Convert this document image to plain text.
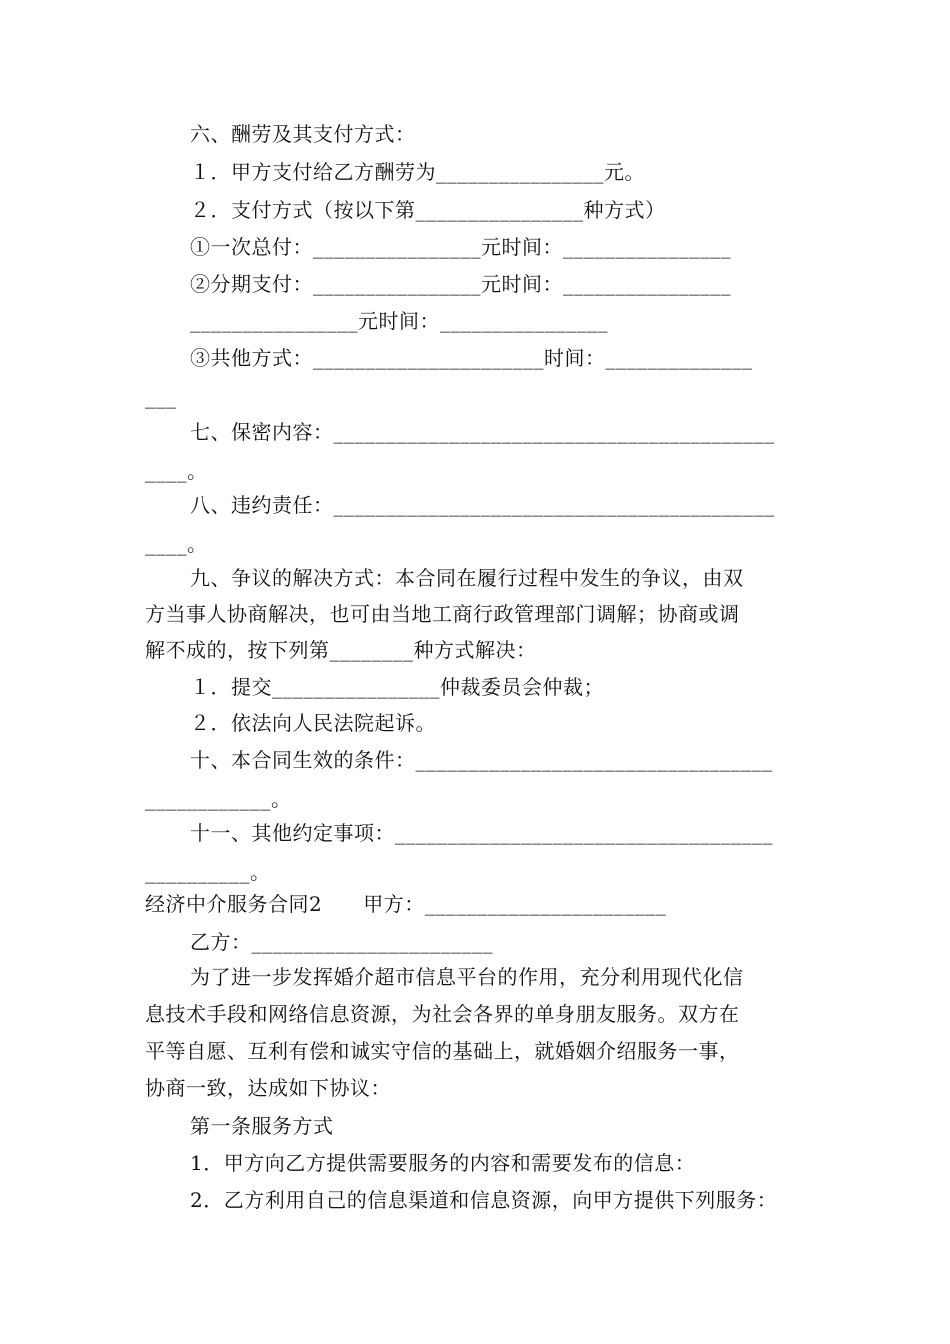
六、酬劳及其支付方式：
１．甲方支付给乙方酬劳为________________元。
２．支付方式（按以下第________________种方式）
①一次总付：________________元时间：________________
②分期支付：________________元时间：________________
________________元时间：________________
③共他方式：______________________时间：______________
___
七、保密内容：__________________________________________
____。
八、违约责任：__________________________________________
____。
九、争议的解决方式：本合同在履行过程中发生的争议，由双
方当事人协商解决，也可由当地工商行政管理部门调解；协商或调
解不成的，按下列第________种方式解决：
１．提交________________仲裁委员会仲裁；
２．依法向人民法院起诉。
十、本合同生效的条件：__________________________________
____________。
十一、其他约定事项：____________________________________
__________。
经济中介服务合同2　　甲方：_______________________
乙方：_______________________
为了进一步发挥婚介超市信息平台的作用，充分利用现代化信
息技术手段和网络信息资源，为社会各界的单身朋友服务。双方在
平等自愿、互利有偿和诚实守信的基础上，就婚姻介绍服务一事，
协商一致，达成如下协议：
第一条服务方式
1．甲方向乙方提供需要服务的内容和需要发布的信息：
2．乙方利用自己的信息渠道和信息资源，向甲方提供下列服务：
